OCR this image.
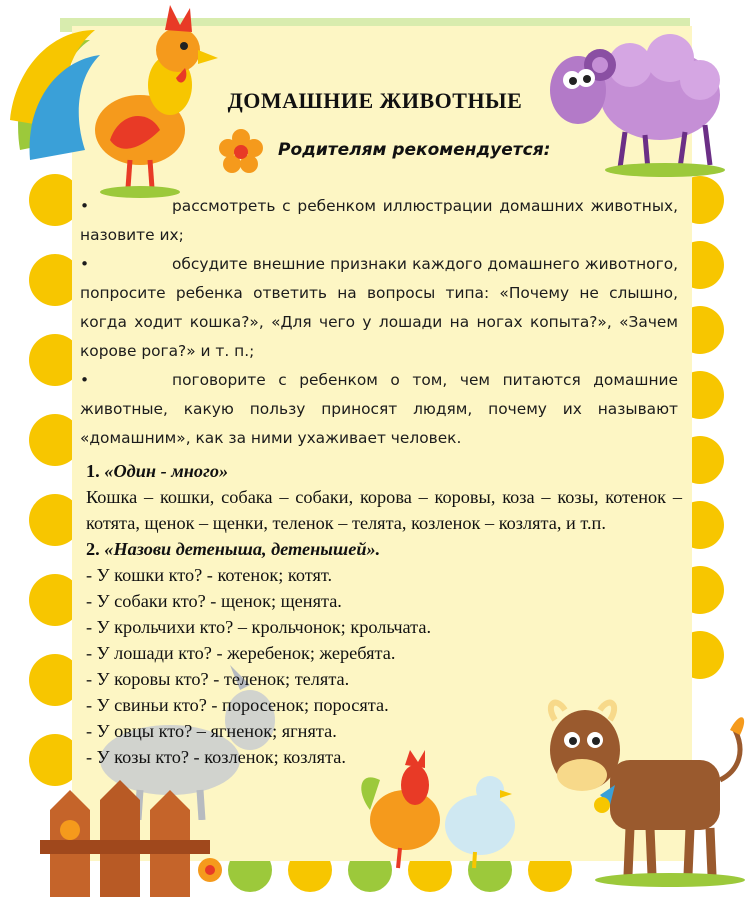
ДОМАШНИЕ ЖИВОТНЫЕ
Родителям рекомендуется:
•	рассмотреть с ребенком иллюстрации домашних животных, назовите их;
•	обсудите внешние признаки каждого домашнего животного, попросите ребенка ответить на вопросы типа: «Почему не слышно, когда ходит кошка?», «Для чего у лошади на ногах копыта?», «Зачем корове рога?» и т. п.;
•	поговорите с ребенком о том, чем питаются домашние животные, какую пользу приносят людям, почему их называют «домашним», как за ними ухаживает человек.
1. «Один - много»
Кошка – кошки, собака – собаки, корова – коровы, коза – козы, котенок – котята, щенок – щенки, теленок – телята, козленок – козлята, и т.п.
2. «Назови детеныша, детенышей».
- У кошки кто? - котенок; котят.
- У собаки кто? - щенок; щенята.
- У крольчихи кто? – крольчонок; крольчата.
- У лошади кто? - жеребенок; жеребята.
- У коровы кто? - теленок; телята.
- У свиньи кто? - поросенок; поросята.
- У овцы кто? – ягненок; ягнята.
- У козы кто? - козленок; козлята.
